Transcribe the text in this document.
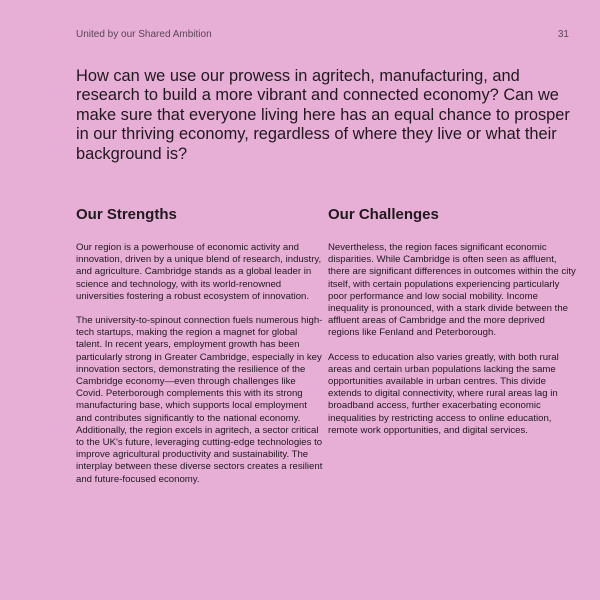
United by our Shared Ambition	31

How can we use our prowess in agritech, manufacturing, and research to build a more vibrant and connected economy? Can we make sure that everyone living here has an equal chance to prosper in our thriving economy, regardless of where they live or what their background is?

Our Strengths

Our region is a powerhouse of economic activity and innovation, driven by a unique blend of research, industry, and agriculture. Cambridge stands as a global leader in science and technology, with its world-renowned universities fostering a robust ecosystem of innovation.

The university-to-spinout connection fuels numerous high-tech startups, making the region a magnet for global talent. In recent years, employment growth has been particularly strong in Greater Cambridge, especially in key innovation sectors, demonstrating the resilience of the Cambridge economy—even through challenges like Covid. Peterborough complements this with its strong manufacturing base, which supports local employment and contributes significantly to the national economy. Additionally, the region excels in agritech, a sector critical to the UK's future, leveraging cutting-edge technologies to improve agricultural productivity and sustainability. The interplay between these diverse sectors creates a resilient and future-focused economy.

Our Challenges

Nevertheless, the region faces significant economic disparities. While Cambridge is often seen as affluent, there are significant differences in outcomes within the city itself, with certain populations experiencing particularly poor performance and low social mobility. Income inequality is pronounced, with a stark divide between the affluent areas of Cambridge and the more deprived regions like Fenland and Peterborough.

Access to education also varies greatly, with both rural areas and certain urban populations lacking the same opportunities available in urban centres. This divide extends to digital connectivity, where rural areas lag in broadband access, further exacerbating economic inequalities by restricting access to online education, remote work opportunities, and digital services.
